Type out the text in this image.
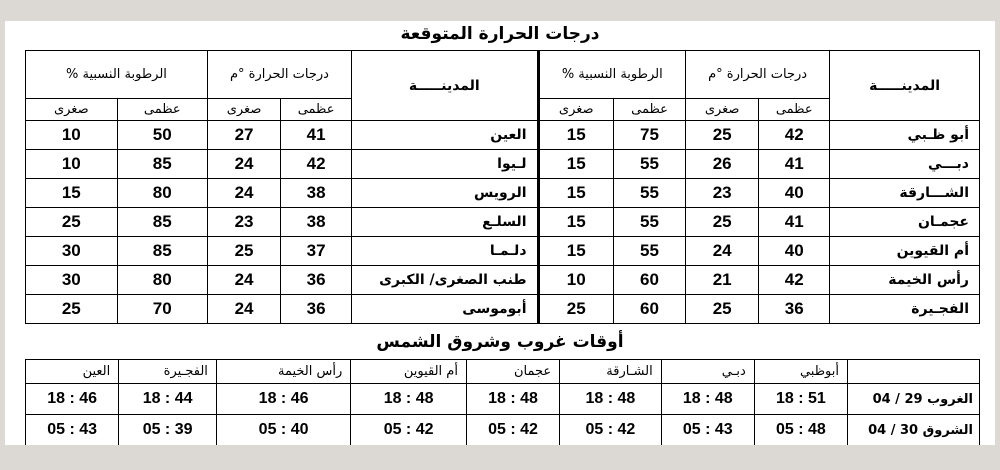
درجات الحرارة المتوقعة
المدينـــــة	درجات الحرارة °م		الرطوبة النسبية %		المدينـــــة	درجات الحرارة °م		الرطوبة النسبية %	
	عظمى	صغرى	عظمى	صغرى		عظمى	صغرى	عظمى	صغرى
أبو ظـبي	42	25	75	15	العين	41	27	50	10
دبـــي	41	26	55	15	لـيوا	42	24	85	10
الشـــارقة	40	23	55	15	الرويس	38	24	80	15
عجمـان	41	25	55	15	السلـع	38	23	85	25
أم القيوين	40	24	55	15	دلـمـا	37	25	85	30
رأس الخيمة	42	21	60	10	طنب الصغرى/ الكبرى	36	24	80	30
الفجـيرة	36	25	60	25	أبوموسى	36	24	70	25
أوقات غروب وشروق الشمس
	أبوظبي	دبـي	الشـارقة	عجمان	أم القيوين	رأس الخيمة	الفجـيرة	العين
الغروب 29 / 04	18 : 51	18 : 48	18 : 48	18 : 48	18 : 48	18 : 46	18 : 44	18 : 46
الشروق 30 / 04	05 : 48	05 : 43	05 : 42	05 : 42	05 : 42	05 : 40	05 : 39	05 : 43
